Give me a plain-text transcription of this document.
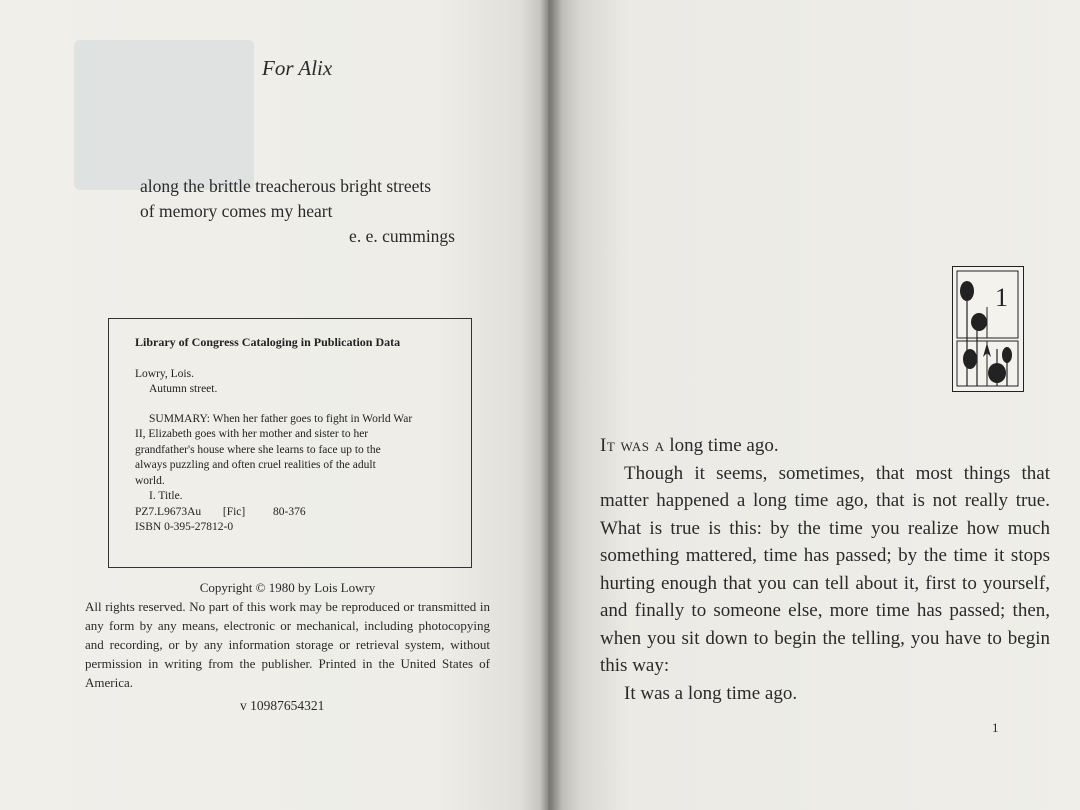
For Alix
along the brittle treacherous bright streets
of memory comes my heart
e. e. cummings
Library of Congress Cataloging in Publication Data
Lowry, Lois.
Autumn street.
SUMMARY: When her father goes to fight in World War
II, Elizabeth goes with her mother and sister to her
grandfather's house where she learns to face up to the
always puzzling and often cruel realities of the adult
world.
I. Title.
PZ7.L9673Au [Fic] 80-376
ISBN 0-395-27812-0
Copyright © 1980 by Lois Lowry
All rights reserved. No part of this work may be reproduced or transmitted in any form by any means, electronic or mechanical, including photocopying and recording, or by any information storage or retrieval system, without permission in writing from the publisher. Printed in the United States of America.
v 10987654321
1

It was a long time ago.

Though it seems, sometimes, that most things that matter happened a long time ago, that is not really true. What is true is this: by the time you realize how much something mattered, time has passed; by the time it stops hurting enough that you can tell about it, first to yourself, and finally to someone else, more time has passed; then, when you sit down to begin the telling, you have to begin this way:

It was a long time ago.

1
